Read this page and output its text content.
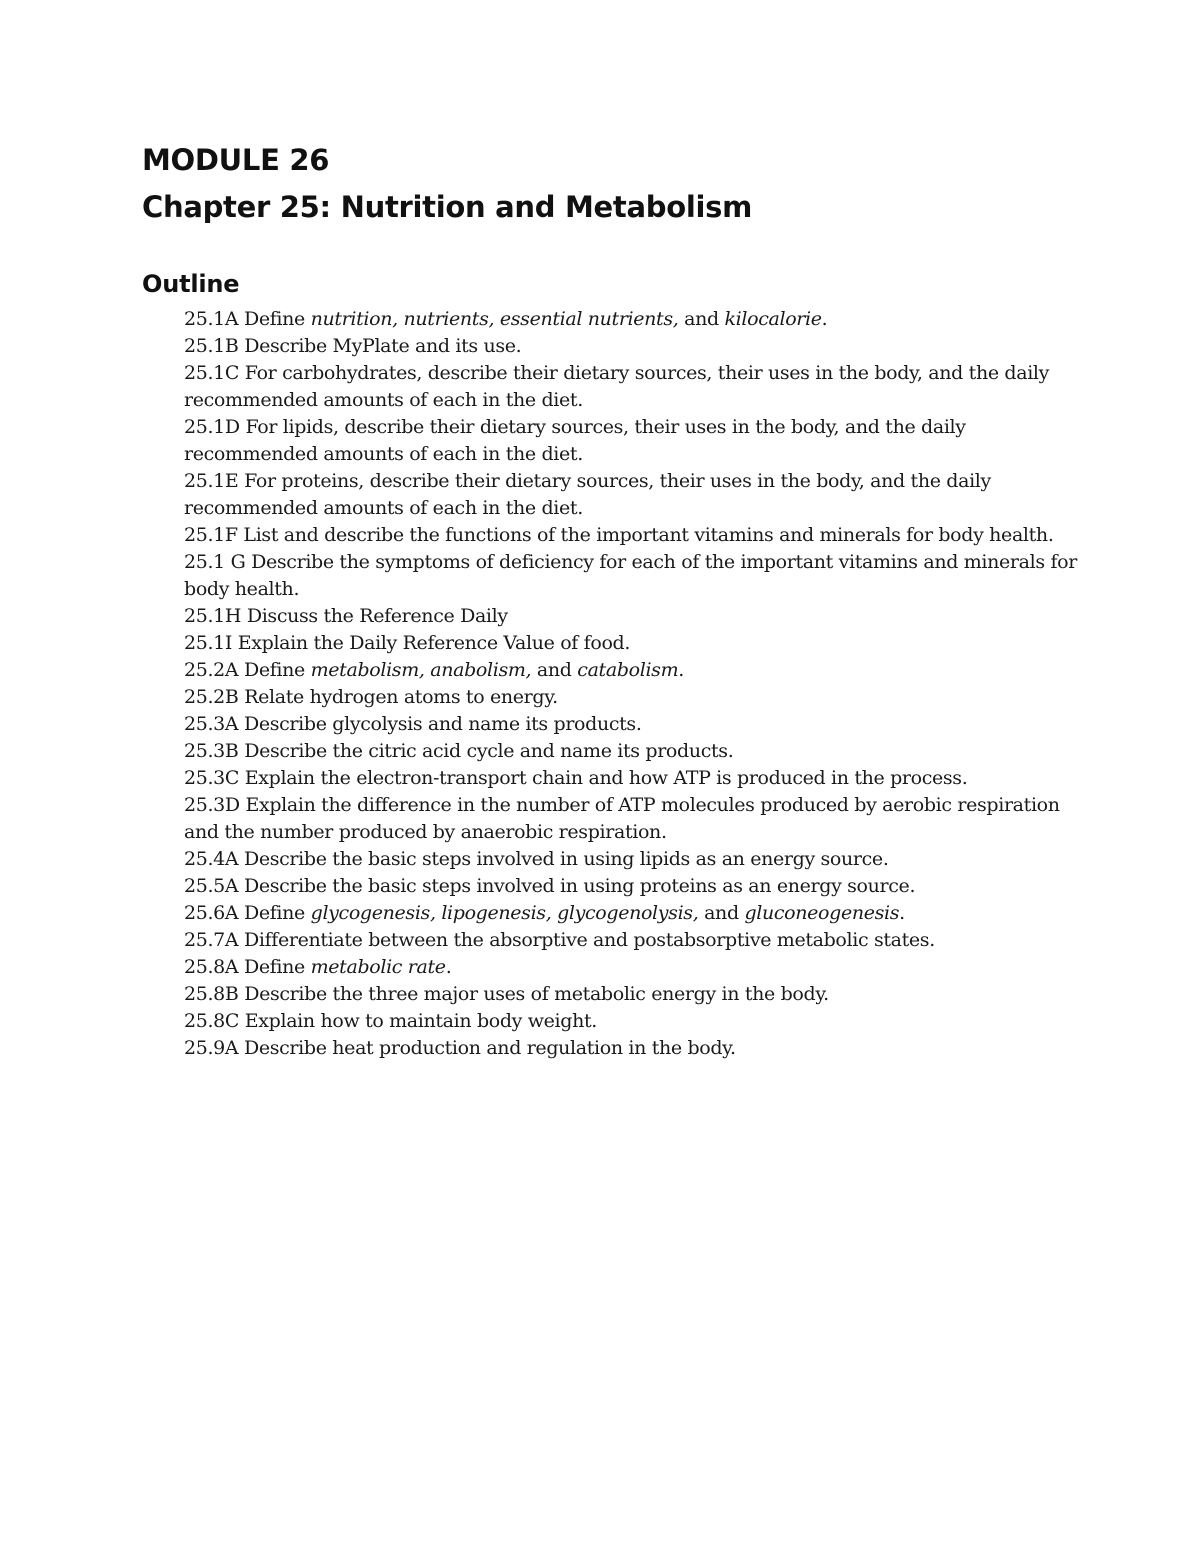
MODULE 26
Chapter 25: Nutrition and Metabolism
Outline
25.1A Define nutrition, nutrients, essential nutrients, and kilocalorie.
25.1B Describe MyPlate and its use.
25.1C For carbohydrates, describe their dietary sources, their uses in the body, and the daily recommended amounts of each in the diet.
25.1D For lipids, describe their dietary sources, their uses in the body, and the daily recommended amounts of each in the diet.
25.1E For proteins, describe their dietary sources, their uses in the body, and the daily recommended amounts of each in the diet.
25.1F List and describe the functions of the important vitamins and minerals for body health.
25.1 G Describe the symptoms of deficiency for each of the important vitamins and minerals for body health.
25.1H Discuss the Reference Daily
25.1I Explain the Daily Reference Value of food.
25.2A Define metabolism, anabolism, and catabolism.
25.2B Relate hydrogen atoms to energy.
25.3A Describe glycolysis and name its products.
25.3B Describe the citric acid cycle and name its products.
25.3C Explain the electron-transport chain and how ATP is produced in the process.
25.3D Explain the difference in the number of ATP molecules produced by aerobic respiration and the number produced by anaerobic respiration.
25.4A Describe the basic steps involved in using lipids as an energy source.
25.5A Describe the basic steps involved in using proteins as an energy source.
25.6A Define glycogenesis, lipogenesis, glycogenolysis, and gluconeogenesis.
25.7A Differentiate between the absorptive and postabsorptive metabolic states.
25.8A Define metabolic rate.
25.8B Describe the three major uses of metabolic energy in the body.
25.8C Explain how to maintain body weight.
25.9A Describe heat production and regulation in the body.
